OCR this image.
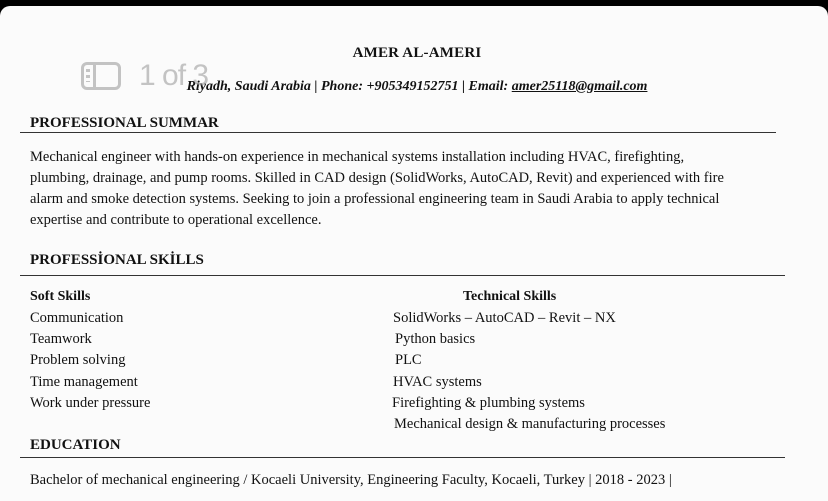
AMER AL-AMERI
Riyadh, Saudi Arabia | Phone: +905349152751 | Email: amer25118@gmail.com
1 of 3
PROFESSIONAL SUMMAR
Mechanical engineer with hands-on experience in mechanical systems installation including HVAC, firefighting,
plumbing, drainage, and pump rooms. Skilled in CAD design (SolidWorks, AutoCAD, Revit) and experienced with fire
alarm and smoke detection systems. Seeking to join a professional engineering team in Saudi Arabia to apply technical
expertise and contribute to operational excellence.
PROFESSİONAL SKİLLS
Soft Skills	Technical Skills
Communication
Teamwork
Problem solving
Time management
Work under pressure
SolidWorks – AutoCAD – Revit – NX
Python basics
PLC
HVAC systems
Firefighting & plumbing systems
Mechanical design & manufacturing processes
EDUCATION
Bachelor of mechanical engineering / Kocaeli University, Engineering Faculty, Kocaeli, Turkey | 2018 - 2023 |
